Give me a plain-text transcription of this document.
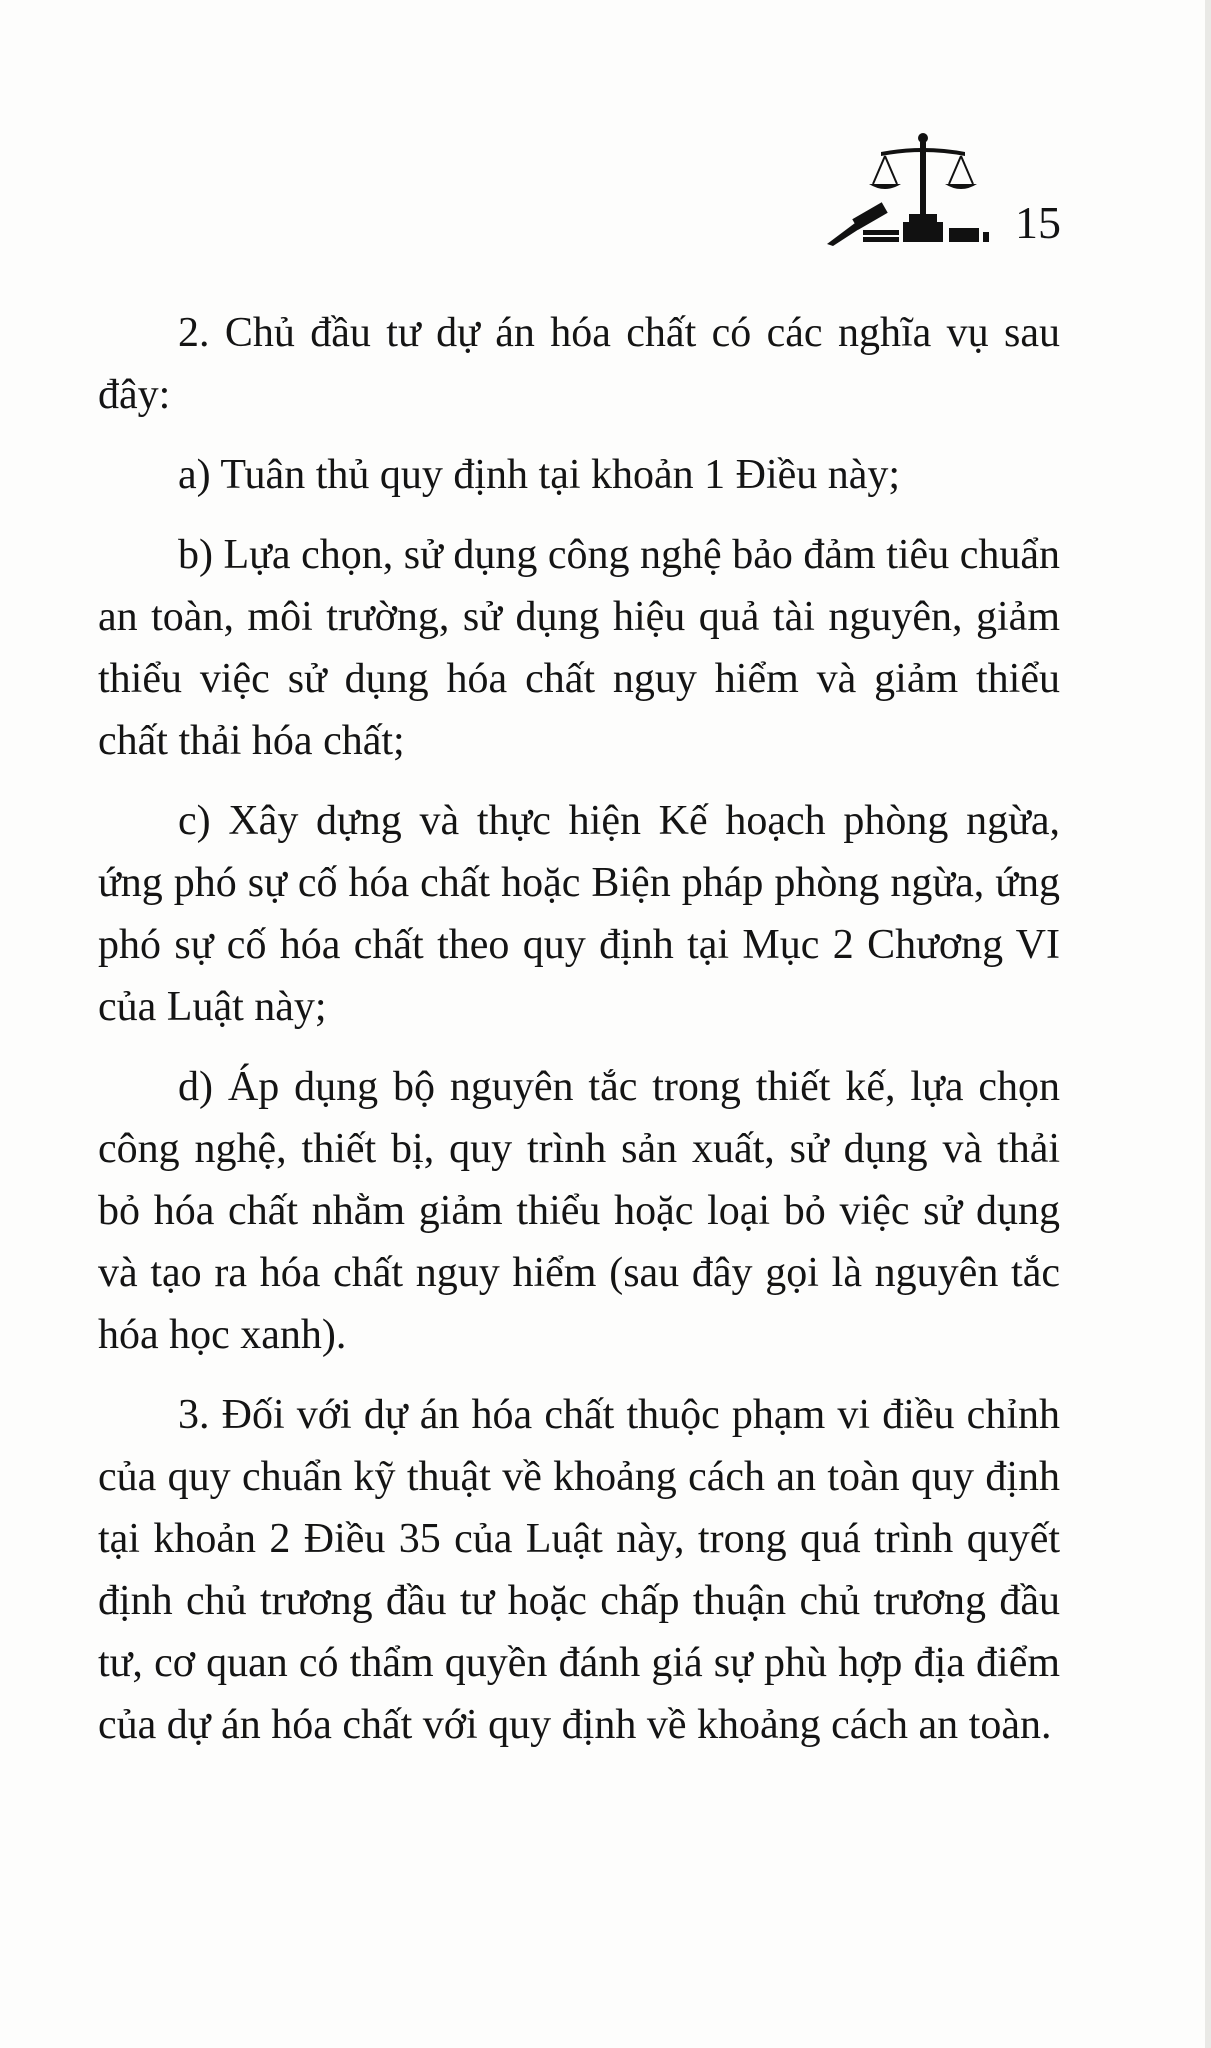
15

2. Chủ đầu tư dự án hóa chất có các nghĩa vụ sau đây:

a) Tuân thủ quy định tại khoản 1 Điều này;

b) Lựa chọn, sử dụng công nghệ bảo đảm tiêu chuẩn an toàn, môi trường, sử dụng hiệu quả tài nguyên, giảm thiểu việc sử dụng hóa chất nguy hiểm và giảm thiểu chất thải hóa chất;

c) Xây dựng và thực hiện Kế hoạch phòng ngừa, ứng phó sự cố hóa chất hoặc Biện pháp phòng ngừa, ứng phó sự cố hóa chất theo quy định tại Mục 2 Chương VI của Luật này;

d) Áp dụng bộ nguyên tắc trong thiết kế, lựa chọn công nghệ, thiết bị, quy trình sản xuất, sử dụng và thải bỏ hóa chất nhằm giảm thiểu hoặc loại bỏ việc sử dụng và tạo ra hóa chất nguy hiểm (sau đây gọi là nguyên tắc hóa học xanh).

3. Đối với dự án hóa chất thuộc phạm vi điều chỉnh của quy chuẩn kỹ thuật về khoảng cách an toàn quy định tại khoản 2 Điều 35 của Luật này, trong quá trình quyết định chủ trương đầu tư hoặc chấp thuận chủ trương đầu tư, cơ quan có thẩm quyền đánh giá sự phù hợp địa điểm của dự án hóa chất với quy định về khoảng cách an toàn.
